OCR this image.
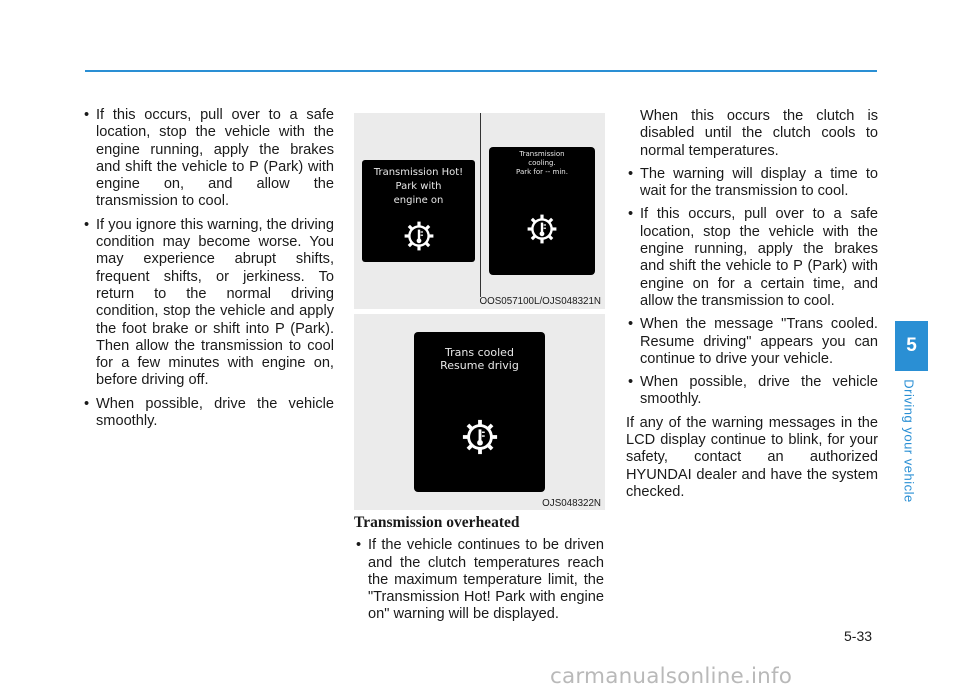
• If this occurs, pull over to a safe location, stop the vehicle with the engine running, apply the brakes and shift the vehicle to P (Park) with engine on, and allow the transmission to cool.
• If you ignore this warning, the driving condition may become worse. You may experience abrupt shifts, frequent shifts, or jerkiness. To return to the normal driving condition, stop the vehicle and apply the foot brake or shift into P (Park). Then allow the transmission to cool for a few minutes with engine on, before driving off.
• When possible, drive the vehicle smoothly.
Transmission Hot!
Park with
engine on
Transmission
cooling.
Park for -- min.
OOS057100L/OJS048321N
Trans cooled
Resume drivig
OJS048322N
Transmission overheated
• If the vehicle continues to be driven and the clutch temperatures reach the maximum temperature limit, the "Transmission Hot! Park with engine on" warning will be displayed.
When this occurs the clutch is disabled until the clutch cools to normal temperatures.
• The warning will display a time to wait for the transmission to cool.
• If this occurs, pull over to a safe location, stop the vehicle with the engine running, apply the brakes and shift the vehicle to P (Park) with engine on for a certain time, and allow the transmission to cool.
• When the message "Trans cooled. Resume driving" appears you can continue to drive your vehicle.
• When possible, drive the vehicle smoothly.

If any of the warning messages in the LCD display continue to blink, for your safety, contact an authorized HYUNDAI dealer and have the system checked.

5
Driving your vehicle
5-33
carmanualsonline.info
